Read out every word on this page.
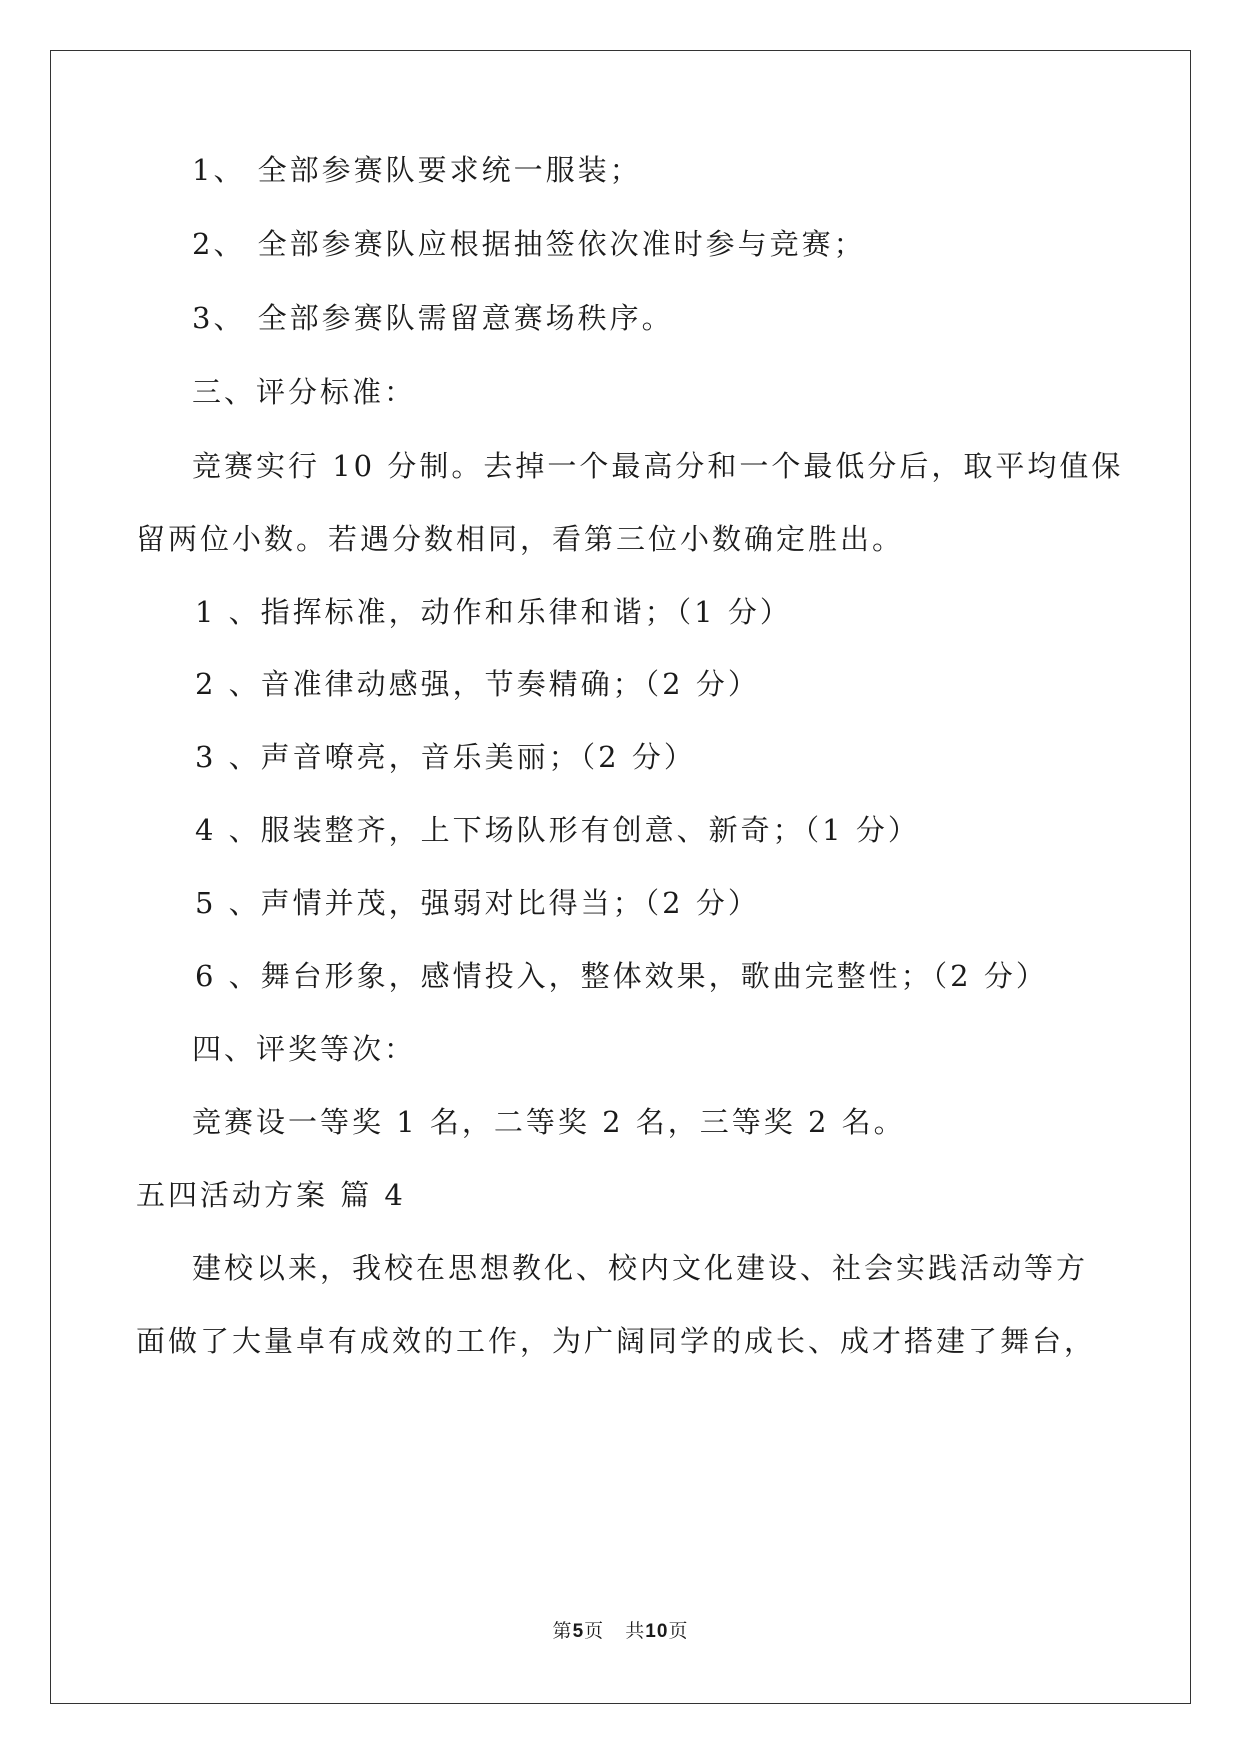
1、 全部参赛队要求统一服装；
2、 全部参赛队应根据抽签依次准时参与竞赛；
3、 全部参赛队需留意赛场秩序。
三、评分标准：
竞赛实行 10 分制。去掉一个最高分和一个最低分后，取平均值保
留两位小数。若遇分数相同，看第三位小数确定胜出。
1 、指挥标准，动作和乐律和谐；（1 分）
2 、音准律动感强，节奏精确；（2 分）
3 、声音嘹亮，音乐美丽；（2 分）
4 、服装整齐，上下场队形有创意、新奇；（1 分）
5 、声情并茂，强弱对比得当；（2 分）
6 、舞台形象，感情投入，整体效果，歌曲完整性；（2 分）
四、评奖等次：
竞赛设一等奖 1 名，二等奖 2 名，三等奖 2 名。
五四活动方案 篇 4
建校以来，我校在思想教化、校内文化建设、社会实践活动等方
面做了大量卓有成效的工作，为广阔同学的成长、成才搭建了舞台，
第5页 共10页
